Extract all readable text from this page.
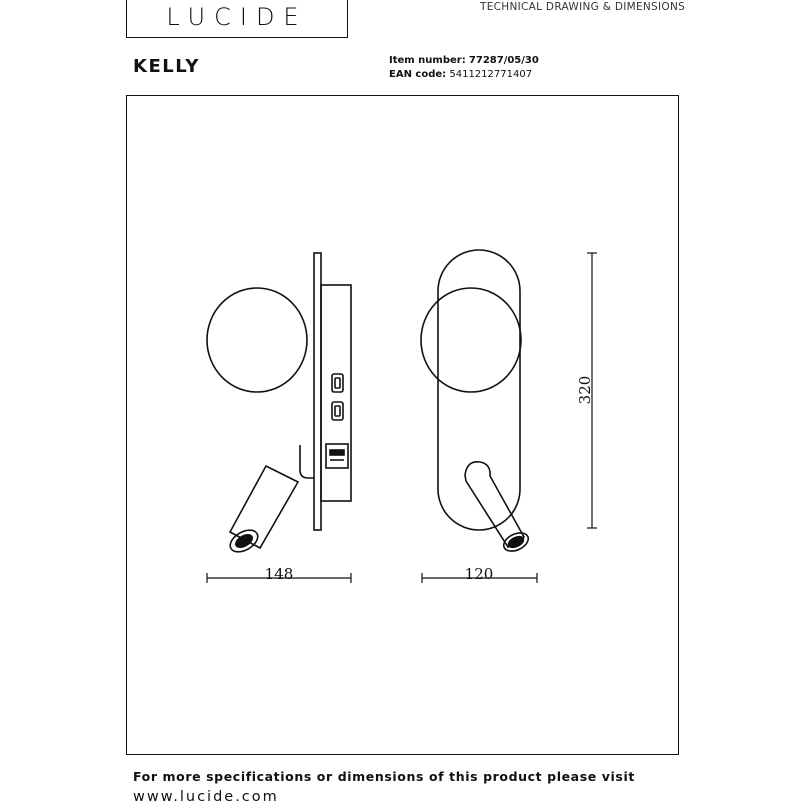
LUCIDE	TECHNICAL DRAWING & DIMENSIONS
KELLY	Item number: 77287/05/30
EAN code: 5411212771407
148	120
320
For more specifications or dimensions of this product please visit
www.lucide.com
